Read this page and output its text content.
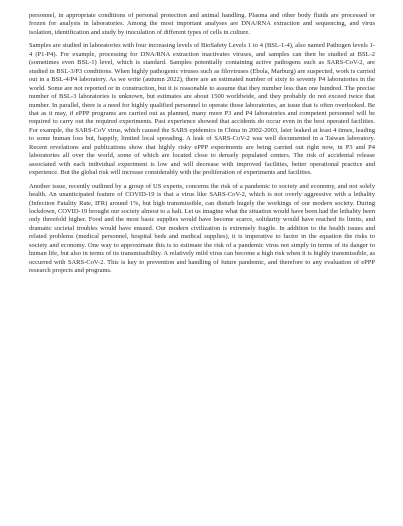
personnel, in appropriate conditions of personal protection and animal handling. Plasma and other body fluids are processed or frozen for analysis in laboratories. Among the most important analyses are DNA/RNA extraction and sequencing, and virus isolation, identification and study by inoculation of different types of cells in culture.

Samples are studied in laboratories with four increasing levels of BioSafety Levels 1 to 4 (BSL-1-4), also named Pathogen levels 1-4 (P1-P4). For example, processing for DNA/RNA extraction inactivates viruses, and samples can then be studied at BSL-2 (sometimes even BSL-1) level, which is standard. Samples potentially containing active pathogens such as SARS-CoV-2, are studied in BSL-3/P3 conditions. When highly pathogenic viruses such as filoviruses (Ebola, Marburg) are suspected, work is carried out in a BSL-4/P4 laboratory. As we write (autumn 2022), there are an estimated number of sixty to seventy P4 laboratories in the world. Some are not reported or in construction, but it is reasonable to assume that they number less than one hundred. The precise number of BSL-3 laboratories is unknown, but estimates are about 1500 worldwide, and they probably do not exceed twice that number. In parallel, there is a need for highly qualified personnel to operate those laboratories, an issue that is often overlooked. Be that as it may, if ePPP programs are carried out as planned, many more P3 and P4 laboratories and competent personnel will be required to carry out the required experiments. Past experience showed that accidents do occur even in the best operated facilities. For example, the SARS-CoV virus, which caused the SARS epidemics in China in 2002-2003, later leaked at least 4 times, leading to some human loss but, happily, limited local spreading. A leak of SARS-CoV-2 was well documented in a Taiwan laboratory. Recent revelations and publications show that highly risky ePPP experiments are being carried out right now, in P3 and P4 laboratories all over the world, some of which are located close to densely populated centers. The risk of accidental release associated with each individual experiment is low and will decrease with improved facilities, better operational practice and experience. But the global risk will increase considerably with the proliferation of experiments and facilities.

Another issue, recently outlined by a group of US experts, concerns the risk of a pandemic to society and economy, and not solely health. An unanticipated feature of COVID-19 is that a virus like SARS-CoV-2, which is not overly aggressive with a lethality (Infection Fatality Rate, IFR) around 1%, but high transmissible, can disturb hugely the workings of our modern society. During lockdown, COVID-19 brought our society almost to a halt. Let us imagine what the situation would have been had the lethality been only threefold higher. Food and the most basic supplies would have become scarce, solidarity would have reached its limits, and dramatic societal troubles would have ensued. Our modern civilization is extremely fragile. In addition to the health issues and related problems (medical personnel, hospital beds and medical supplies), it is imperative to factor in the equation the risks to society and economy. One way to approximate this is to estimate the risk of a pandemic virus not simply in terms of its danger to human life, but also in terms of its transmissibility. A relatively mild virus can become a high risk when it is highly transmissible, as occurred with SARS-CoV-2. This is key to prevention and handling of future pandemic, and therefore to any evaluation of ePPP research projects and programs.
